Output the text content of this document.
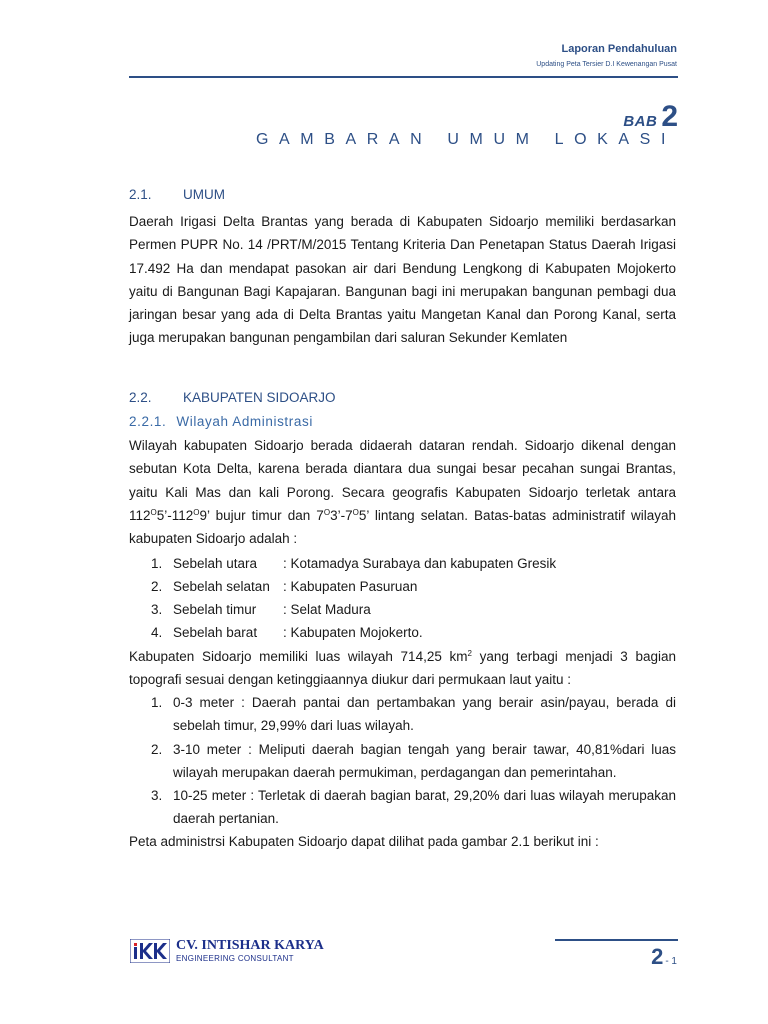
Laporan Pendahuluan
Updating Peta Tersier D.I Kewenangan Pusat
BAB 2
GAMBARAN UMUM LOKASI
2.1. UMUM
Daerah Irigasi Delta Brantas yang berada di Kabupaten Sidoarjo memiliki berdasarkan Permen PUPR No. 14 /PRT/M/2015 Tentang Kriteria Dan Penetapan Status Daerah Irigasi 17.492 Ha dan mendapat pasokan air dari Bendung Lengkong di Kabupaten Mojokerto yaitu di Bangunan Bagi Kapajaran. Bangunan bagi ini merupakan bangunan pembagi dua jaringan besar yang ada di Delta Brantas yaitu Mangetan Kanal dan Porong Kanal, serta juga merupakan bangunan pengambilan dari saluran Sekunder Kemlaten
2.2. KABUPATEN SIDOARJO
2.2.1. Wilayah Administrasi
Wilayah kabupaten Sidoarjo berada didaerah dataran rendah. Sidoarjo dikenal dengan sebutan Kota Delta, karena berada diantara dua sungai besar pecahan sungai Brantas, yaitu Kali Mas dan kali Porong. Secara geografis Kabupaten Sidoarjo terletak antara $112^O5’-112^O9$’ bujur timur dan $7^O3’-7^O5$’ lintang selatan. Batas-batas administratif wilayah kabupaten Sidoarjo adalah :
1. Sebelah utara : Kotamadya Surabaya dan kabupaten Gresik
2. Sebelah selatan : Kabupaten Pasuruan
3. Sebelah timur : Selat Madura
4. Sebelah barat : Kabupaten Mojokerto.
Kabupaten Sidoarjo memiliki luas wilayah 714,25 $km^2$ yang terbagi menjadi 3 bagian topografi sesuai dengan ketinggiaannya diukur dari permukaan laut yaitu :
1. 0-3 meter : Daerah pantai dan pertambakan yang berair asin/payau, berada di sebelah timur, 29,99% dari luas wilayah.
2. 3-10 meter : Meliputi daerah bagian tengah yang berair tawar, 40,81%dari luas wilayah merupakan daerah permukiman, perdagangan dan pemerintahan.
3. 10-25 meter : Terletak di daerah bagian barat, 29,20% dari luas wilayah merupakan daerah pertanian.
Peta administrsi Kabupaten Sidoarjo dapat dilihat pada gambar 2.1 berikut ini :
CV. INTISHAR KARYA
ENGINEERING CONSULTANT	2 - 1
